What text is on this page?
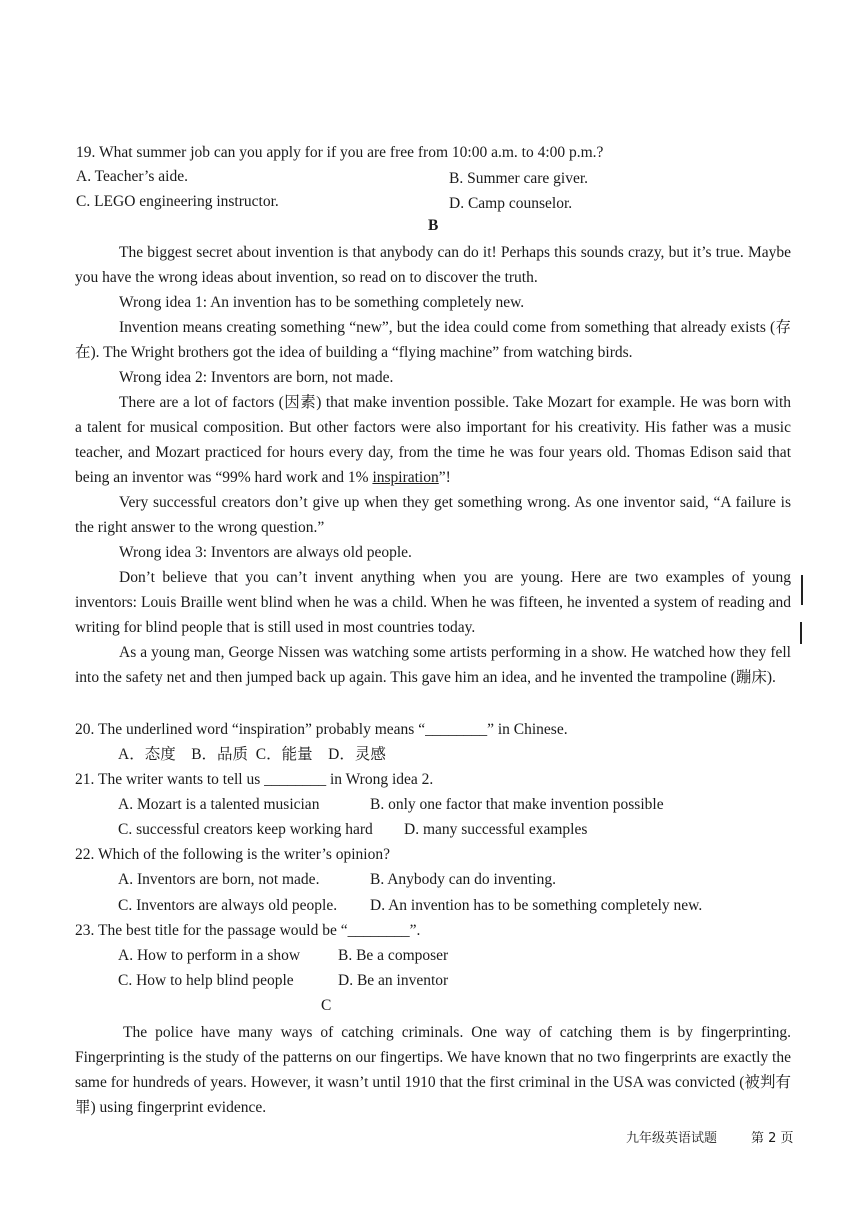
19. What summer job can you apply for if you are free from 10:00 a.m. to 4:00 p.m.?
A. Teacher’s aide.	B. Summer care giver.
C. LEGO engineering instructor.	D. Camp counselor.
B

The biggest secret about invention is that anybody can do it! Perhaps this sounds crazy, but it’s true. Maybe you have the wrong ideas about invention, so read on to discover the truth.

Wrong idea 1: An invention has to be something completely new.

Invention means creating something “new”, but the idea could come from something that already exists (存在). The Wright brothers got the idea of building a “flying machine” from watching birds.

Wrong idea 2: Inventors are born, not made.

There are a lot of factors (因素) that make invention possible. Take Mozart for example. He was born with a talent for musical composition. But other factors were also important for his creativity. His father was a music teacher, and Mozart practiced for hours every day, from the time he was four years old. Thomas Edison said that being an inventor was “99% hard work and 1% inspiration”!

Very successful creators don’t give up when they get something wrong. As one inventor said, “A failure is the right answer to the wrong question.”

Wrong idea 3: Inventors are always old people.

Don’t believe that you can’t invent anything when you are young. Here are two examples of young inventors: Louis Braille went blind when he was a child. When he was fifteen, he invented a system of reading and writing for blind people that is still used in most countries today.

As a young man, George Nissen was watching some artists performing in a show. He watched how they fell into the safety net and then jumped back up again. This gave him an idea, and he invented the trampoline (蹦床).

20. The underlined word “inspiration” probably means “________” in Chinese.
A．态度    B．品质  C．能量    D．灵感
21. The writer wants to tell us ________ in Wrong idea 2.
A. Mozart is a talented musician	B. only one factor that make invention possible
C. successful creators keep working hard D. many successful examples
22. Which of the following is the writer’s opinion?
A. Inventors are born, not made.	B. Anybody can do inventing.
C. Inventors are always old people. D. An invention has to be something completely new.
23. The best title for the passage would be “________”.
A. How to perform in a show B. Be a composer
C. How to help blind people	D. Be an inventor
C

The police have many ways of catching criminals. One way of catching them is by fingerprinting. Fingerprinting is the study of the patterns on our fingertips. We have known that no two fingerprints are exactly the same for hundreds of years. However, it wasn’t until 1910 that the first criminal in the USA was convicted (被判有罪) using fingerprint evidence.

九年级英语试题	第 2 页
